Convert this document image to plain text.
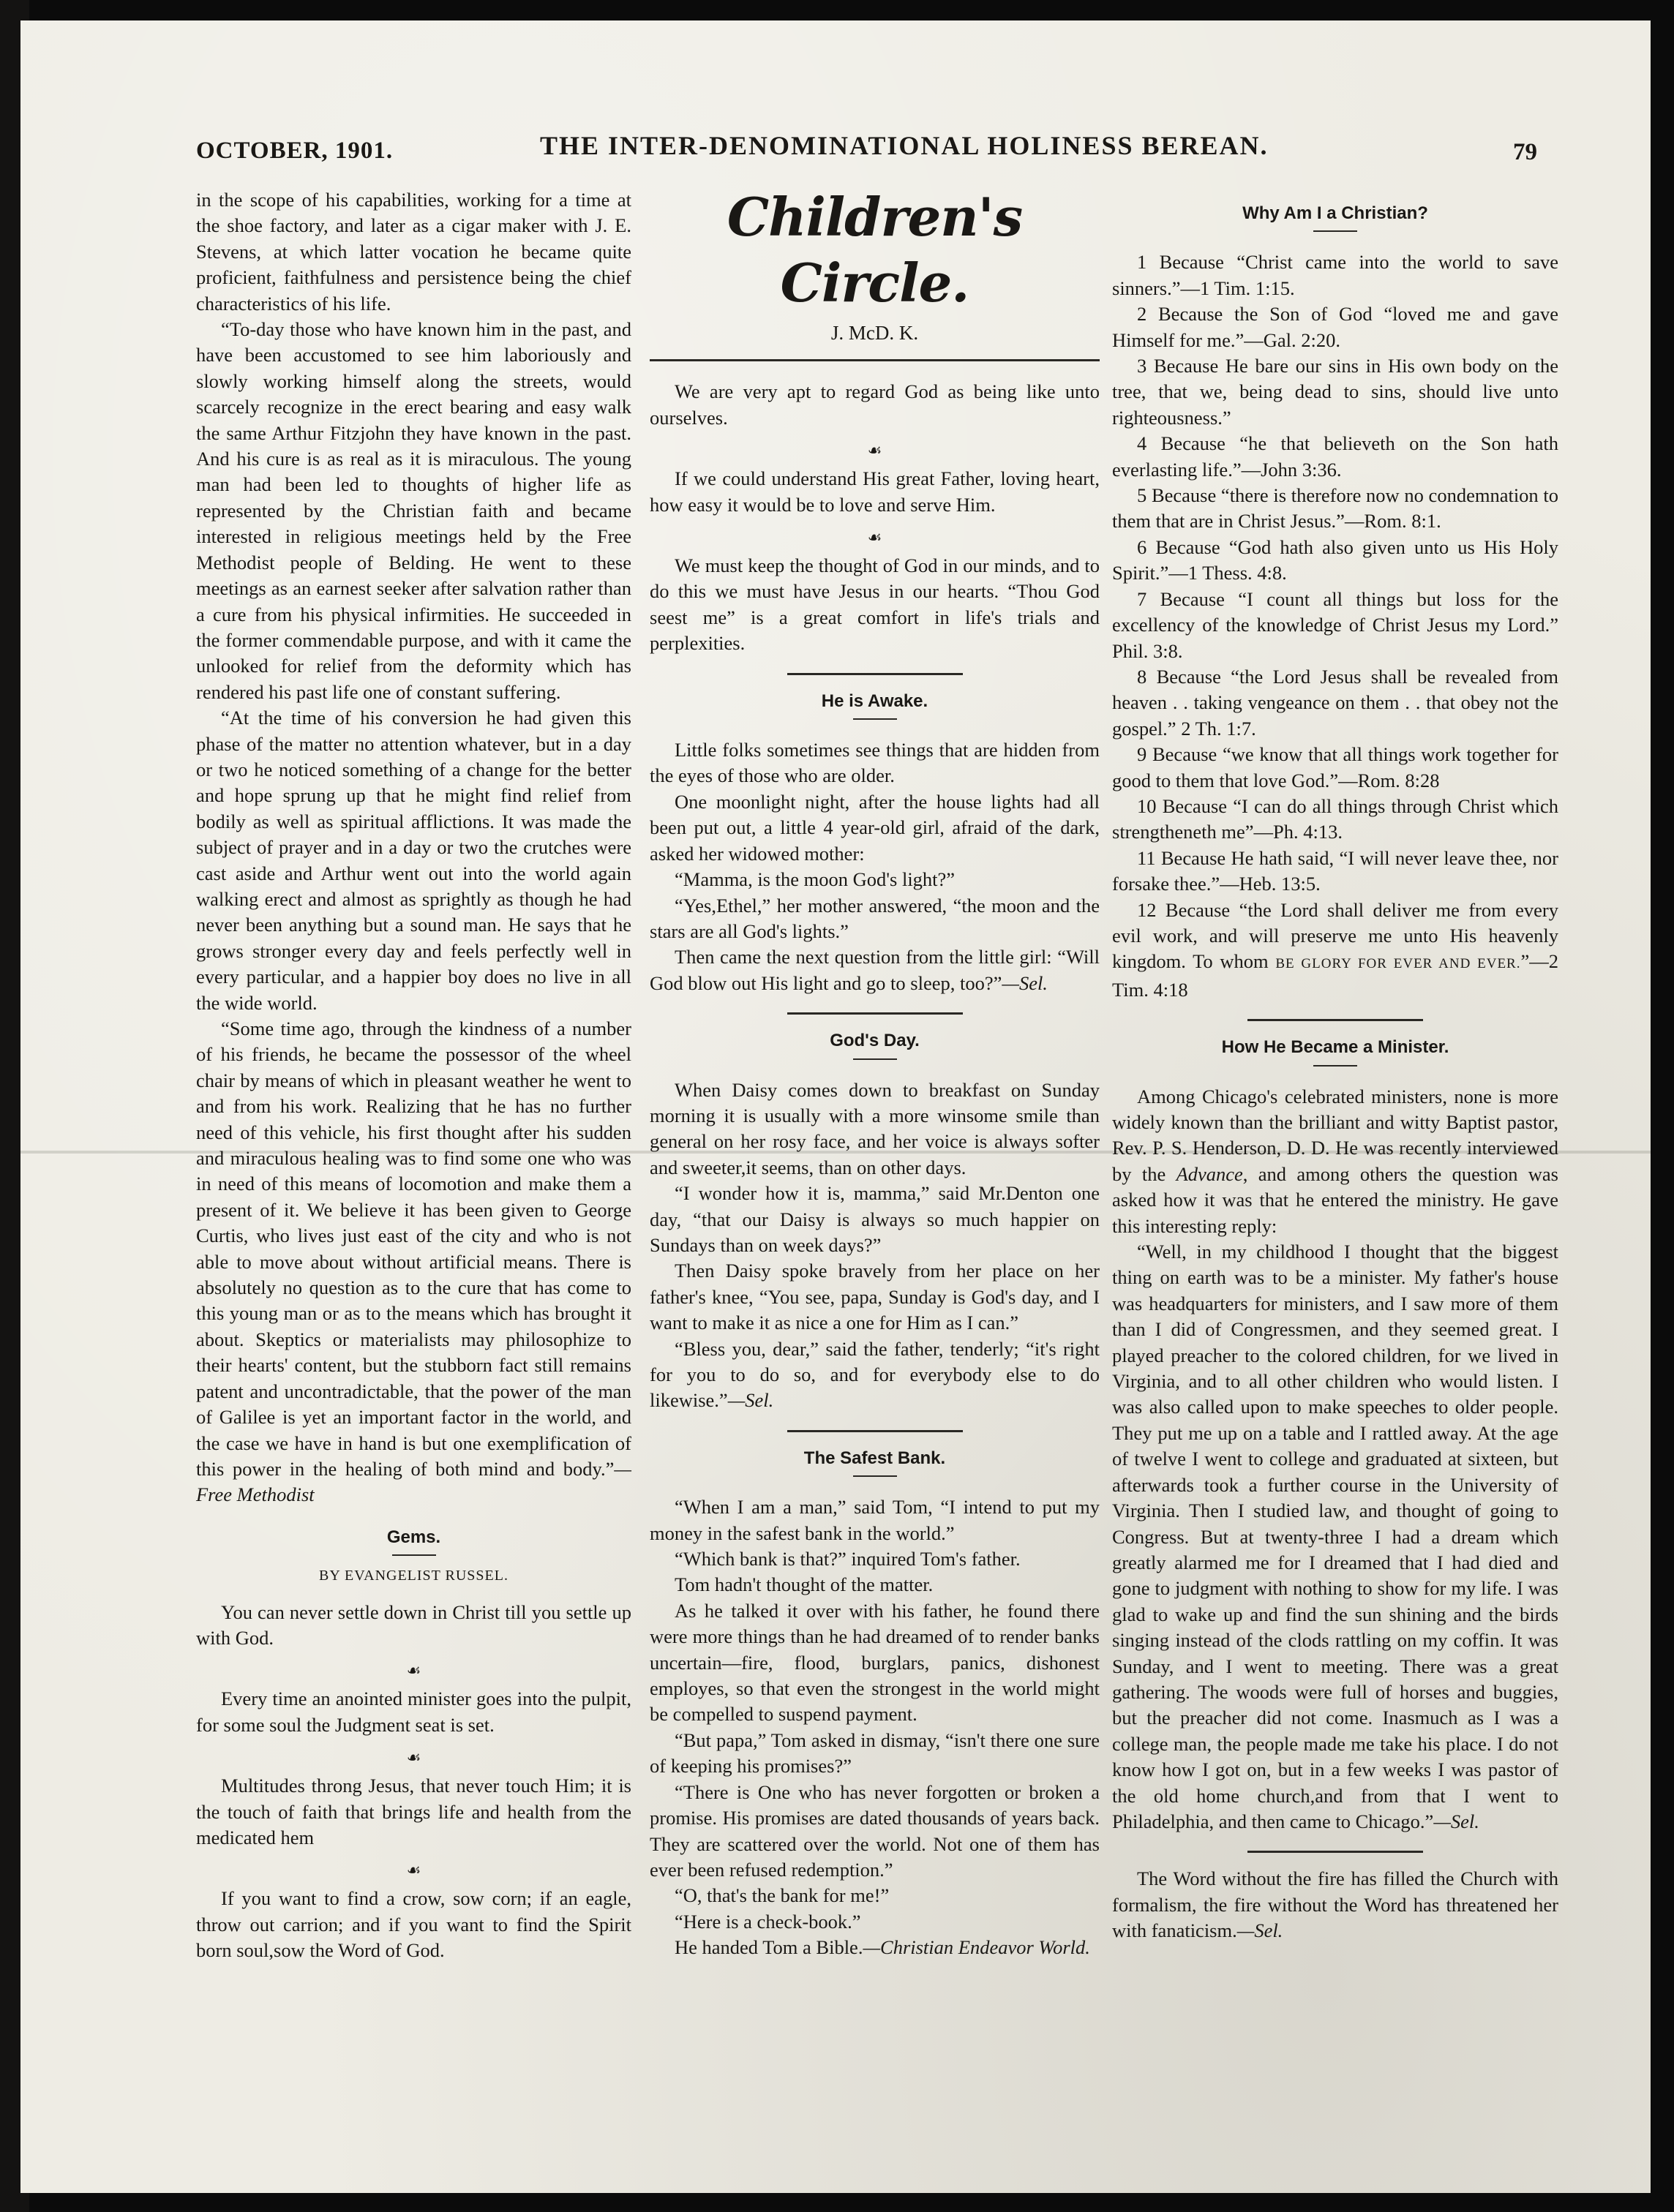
OCTOBER, 1901.	THE INTER-DENOMINATIONAL HOLINESS BEREAN.	79

in the scope of his capabilities, working for a time at the shoe factory, and later as a cigar maker with J. E. Stevens, at which latter vocation he became quite proficient, faithfulness and persistence being the chief characteristics of his life.

“To-day those who have known him in the past, and have been accustomed to see him laboriously and slowly working himself along the streets, would scarcely recognize in the erect bearing and easy walk the same Arthur Fitzjohn they have known in the past. And his cure is as real as it is miraculous. The young man had been led to thoughts of higher life as represented by the Christian faith and became interested in religious meetings held by the Free Methodist people of Belding. He went to these meetings as an earnest seeker after salvation rather than a cure from his physical infirmities. He succeeded in the former commendable purpose, and with it came the unlooked for relief from the deformity which has rendered his past life one of constant suffering.

“At the time of his conversion he had given this phase of the matter no attention whatever, but in a day or two he noticed something of a change for the better and hope sprung up that he might find relief from bodily as well as spiritual afflictions. It was made the subject of prayer and in a day or two the crutches were cast aside and Arthur went out into the world again walking erect and almost as sprightly as though he had never been anything but a sound man. He says that he grows stronger every day and feels perfectly well in every particular, and a happier boy does no live in all the wide world.

“Some time ago, through the kindness of a number of his friends, he became the possessor of the wheel chair by means of which in pleasant weather he went to and from his work. Realizing that he has no further need of this vehicle, his first thought after his sudden and miraculous healing was to find some one who was in need of this means of locomotion and make them a present of it. We believe it has been given to George Curtis, who lives just east of the city and who is not able to move about without artificial means. There is absolutely no question as to the cure that has come to this young man or as to the means which has brought it about. Skeptics or materialists may philosophize to their hearts' content, but the stubborn fact still remains patent and uncontradictable, that the power of the man of Galilee is yet an important factor in the world, and the case we have in hand is but one exemplification of this power in the healing of both mind and body.”—Free Methodist

Gems.
BY EVANGELIST RUSSEL.

You can never settle down in Christ till you settle up with God.

☙

Every time an anointed minister goes into the pulpit, for some soul the Judgment seat is set.

☙

Multitudes throng Jesus, that never touch Him; it is the touch of faith that brings life and health from the medicated hem

☙

If you want to find a crow, sow corn; if an eagle, throw out carrion; and if you want to find the Spirit born soul,sow the Word of God.

Children's Circle.
J. McD. K.

We are very apt to regard God as being like unto ourselves.

☙

If we could understand His great Father, loving heart, how easy it would be to love and serve Him.

☙

We must keep the thought of God in our minds, and to do this we must have Jesus in our hearts. “Thou God seest me” is a great comfort in life's trials and perplexities.

He is Awake.

Little folks sometimes see things that are hidden from the eyes of those who are older.

One moonlight night, after the house lights had all been put out, a little 4 year-old girl, afraid of the dark, asked her widowed mother:

“Mamma, is the moon God's light?”

“Yes,Ethel,” her mother answered, “the moon and the stars are all God's lights.”

Then came the next question from the little girl: “Will God blow out His light and go to sleep, too?”—Sel.

God's Day.

When Daisy comes down to breakfast on Sunday morning it is usually with a more winsome smile than general on her rosy face, and her voice is always softer and sweeter,it seems, than on other days.

“I wonder how it is, mamma,” said Mr.Denton one day, “that our Daisy is always so much happier on Sundays than on week days?”

Then Daisy spoke bravely from her place on her father's knee, “You see, papa, Sunday is God's day, and I want to make it as nice a one for Him as I can.”

“Bless you, dear,” said the father, tenderly; “it's right for you to do so, and for everybody else to do likewise.”—Sel.

The Safest Bank.

“When I am a man,” said Tom, “I intend to put my money in the safest bank in the world.”

“Which bank is that?” inquired Tom's father.

Tom hadn't thought of the matter.

As he talked it over with his father, he found there were more things than he had dreamed of to render banks uncertain—fire, flood, burglars, panics, dishonest employes, so that even the strongest in the world might be compelled to suspend payment.

“But papa,” Tom asked in dismay, “isn't there one sure of keeping his promises?”

“There is One who has never forgotten or broken a promise. His promises are dated thousands of years back. They are scattered over the world. Not one of them has ever been refused redemption.”

“O, that's the bank for me!”

“Here is a check-book.”

He handed Tom a Bible.—Christian Endeavor World.

Why Am I a Christian?

1 Because “Christ came into the world to save sinners.”—1 Tim. 1:15.

2 Because the Son of God “loved me and gave Himself for me.”—Gal. 2:20.

3 Because He bare our sins in His own body on the tree, that we, being dead to sins, should live unto righteousness.”

4 Because “he that believeth on the Son hath everlasting life.”—John 3:36.

5 Because “there is therefore now no condemnation to them that are in Christ Jesus.”—Rom. 8:1.

6 Because “God hath also given unto us His Holy Spirit.”—1 Thess. 4:8.

7 Because “I count all things but loss for the excellency of the knowledge of Christ Jesus my Lord.” Phil. 3:8.

8 Because “the Lord Jesus shall be revealed from heaven . . taking vengeance on them . . that obey not the gospel.” 2 Th. 1:7.

9 Because “we know that all things work together for good to them that love God.”—Rom. 8:28

10 Because “I can do all things through Christ which strengtheneth me”—Ph. 4:13.

11 Because He hath said, “I will never leave thee, nor forsake thee.”—Heb. 13:5.

12 Because “the Lord shall deliver me from every evil work, and will preserve me unto His heavenly kingdom. To whom BE GLORY FOR EVER AND EVER.”—2 Tim. 4:18

How He Became a Minister.

Among Chicago's celebrated ministers, none is more widely known than the brilliant and witty Baptist pastor, Rev. P. S. Henderson, D. D. He was recently interviewed by the Advance, and among others the question was asked how it was that he entered the ministry. He gave this interesting reply:

“Well, in my childhood I thought that the biggest thing on earth was to be a minister. My father's house was headquarters for ministers, and I saw more of them than I did of Congressmen, and they seemed great. I played preacher to the colored children, for we lived in Virginia, and to all other children who would listen. I was also called upon to make speeches to older people. They put me up on a table and I rattled away. At the age of twelve I went to college and graduated at sixteen, but afterwards took a further course in the University of Virginia. Then I studied law, and thought of going to Congress. But at twenty-three I had a dream which greatly alarmed me for I dreamed that I had died and gone to judgment with nothing to show for my life. I was glad to wake up and find the sun shining and the birds singing instead of the clods rattling on my coffin. It was Sunday, and I went to meeting. There was a great gathering. The woods were full of horses and buggies, but the preacher did not come. Inasmuch as I was a college man, the people made me take his place. I do not know how I got on, but in a few weeks I was pastor of the old home church,and from that I went to Philadelphia, and then came to Chicago.”—Sel.

The Word without the fire has filled the Church with formalism, the fire without the Word has threatened her with fanaticism.—Sel.
